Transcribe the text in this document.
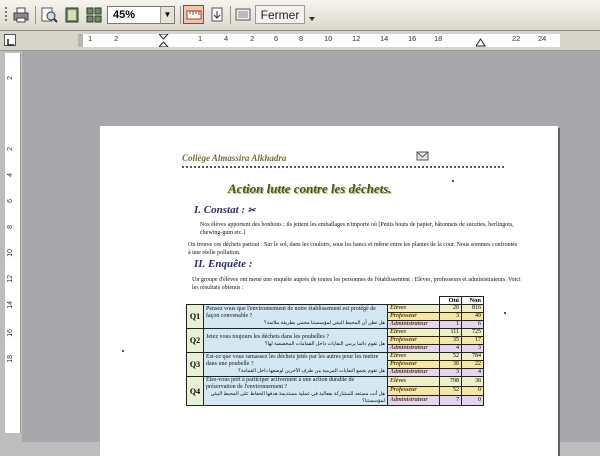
45%	▼	Fermer
1	2	1	4	2	6	8	10	12	14	16 18	22 24
2
2
4
6
8
10
12
14
16
18
Collège Almassira Alkhadra
Action lutte contre les déchets.
I. Constat : ✂
Nos élèves apportent des bonbons ; ils jettent les emballages n'importe où [Petits bouts de papier, bâtonnets de sucettes, berlingots, chewing-gum etc.]
On trouve ces déchets partout : Sur le sol, dans les couloirs, sous les bancs et même entre les plantes de la cour. Nous sommes confrontés à une réelle pollution.
II. Enquête :
Un groupe d'élèves ont mené une enquête auprès de toutes les personnes de l'établissement : Elèves, professeurs et administrateurs. Voici les résultats obtenus :
			Oui	Non
Q1	Pensez vous que l'environnement de notre établissement est protégé de façon convenable ?
هل تظن أن المحيط البيئي لمؤسستنا محمي بطريقة ملائمة؟	Elèves	20	816
		Professeur	3	49
		Administrateur	1	6
Q2	Jetez vous toujours les déchets dans les poubelles ?
هل تقوم دائما برمي النفايات داخل القمامات المخصصة لها؟	Elèves	111	725
		Professeur	35	17
		Administrateur	4	3
Q3	Est-ce que vous ramassez les déchets jetés par les autres pour les mettre dans une poubelle ?
هل تقوم بجمع النفايات المرمية من طرف الآخرين لوضعها داخل القمامة؟	Elèves	52	784
		Professeur	30	22
		Administrateur	3	4
Q4	Etes-vous prêt à participer activement à une action durable de préservation de l'environnement ?
هل أنت مستعد للمشاركة بفعالية في عملية مستديمة هدفها الحفاظ على المحيط البيئي لمؤسستنا؟	Elèves	798	38
		Professeur	52	0
		Administrateur	7	0
